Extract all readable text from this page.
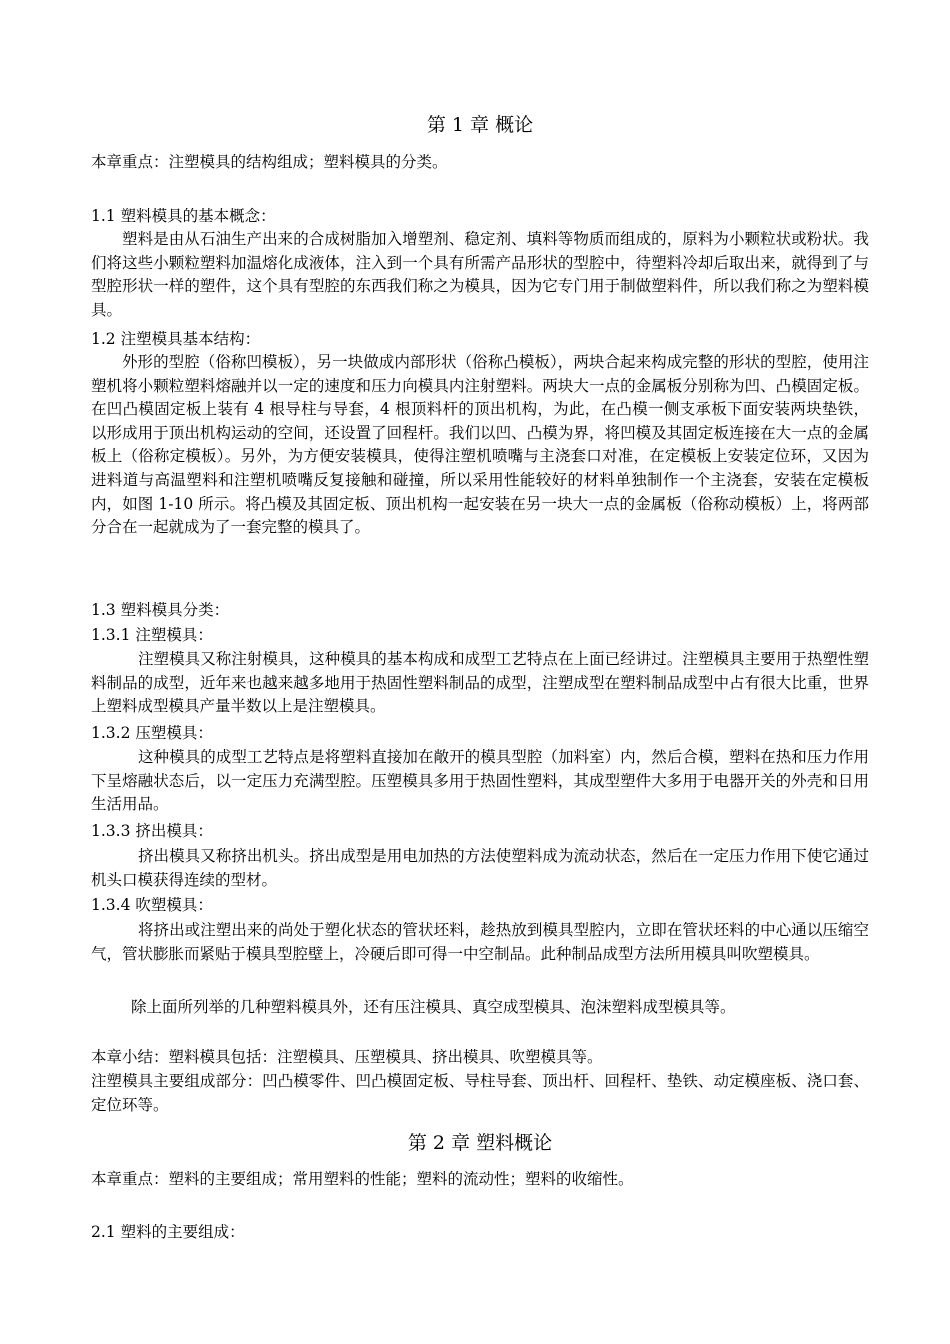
第 1 章 概论
本章重点：注塑模具的结构组成；塑料模具的分类。
1.1 塑料模具的基本概念：
塑料是由从石油生产出来的合成树脂加入增塑剂、稳定剂、填料等物质而组成的，原料为小颗粒状或粉状。我们将这些小颗粒塑料加温熔化成液体，注入到一个具有所需产品形状的型腔中，待塑料冷却后取出来，就得到了与型腔形状一样的塑件，这个具有型腔的东西我们称之为模具，因为它专门用于制做塑料件，所以我们称之为塑料模具。
1.2 注塑模具基本结构：
外形的型腔（俗称凹模板），另一块做成内部形状（俗称凸模板），两块合起来构成完整的形状的型腔，使用注塑机将小颗粒塑料熔融并以一定的速度和压力向模具内注射塑料。两块大一点的金属板分别称为凹、凸模固定板。在凹凸模固定板上装有 4 根导柱与导套，4 根顶料杆的顶出机构，为此，在凸模一侧支承板下面安装两块垫铁，以形成用于顶出机构运动的空间，还设置了回程杆。我们以凹、凸模为界，将凹模及其固定板连接在大一点的金属板上（俗称定模板）。另外，为方便安装模具，使得注塑机喷嘴与主浇套口对准，在定模板上安装定位环，又因为进料道与高温塑料和注塑机喷嘴反复接触和碰撞，所以采用性能较好的材料单独制作一个主浇套，安装在定模板内，如图 1-10 所示。将凸模及其固定板、顶出机构一起安装在另一块大一点的金属板（俗称动模板）上，将两部分合在一起就成为了一套完整的模具了。
1.3 塑料模具分类：
1.3.1 注塑模具：
注塑模具又称注射模具，这种模具的基本构成和成型工艺特点在上面已经讲过。注塑模具主要用于热塑性塑料制品的成型，近年来也越来越多地用于热固性塑料制品的成型，注塑成型在塑料制品成型中占有很大比重，世界上塑料成型模具产量半数以上是注塑模具。
1.3.2 压塑模具：
这种模具的成型工艺特点是将塑料直接加在敞开的模具型腔（加料室）内，然后合模，塑料在热和压力作用下呈熔融状态后，以一定压力充满型腔。压塑模具多用于热固性塑料，其成型塑件大多用于电器开关的外壳和日用生活用品。
1.3.3 挤出模具：
挤出模具又称挤出机头。挤出成型是用电加热的方法使塑料成为流动状态，然后在一定压力作用下使它通过机头口模获得连续的型材。
1.3.4 吹塑模具：
将挤出或注塑出来的尚处于塑化状态的管状坯料，趁热放到模具型腔内，立即在管状坯料的中心通以压缩空气，管状膨胀而紧贴于模具型腔壁上，冷硬后即可得一中空制品。此种制品成型方法所用模具叫吹塑模具。
除上面所列举的几种塑料模具外，还有压注模具、真空成型模具、泡沫塑料成型模具等。
本章小结：塑料模具包括：注塑模具、压塑模具、挤出模具、吹塑模具等。
注塑模具主要组成部分：凹凸模零件、凹凸模固定板、导柱导套、顶出杆、回程杆、垫铁、动定模座板、浇口套、定位环等。
第 2 章 塑料概论
本章重点：塑料的主要组成；常用塑料的性能；塑料的流动性；塑料的收缩性。
2.1 塑料的主要组成：
